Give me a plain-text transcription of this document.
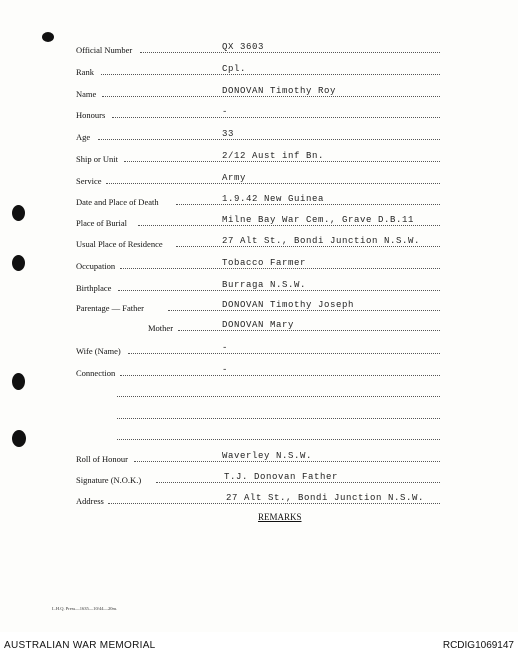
Official Number	QX 3603
Rank	Cpl.
Name	DONOVAN Timothy Roy
Honours	-
Age	33
Ship or Unit	2/12 Aust inf Bn.
Service	Army
Date and Place of Death	1.9.42 New Guinea
Place of Burial	Milne Bay War Cem., Grave D.B.11
Usual Place of Residence	27 Alt St., Bondi Junction N.S.W.
Occupation	Tobacco Farmer
Birthplace	Burraga N.S.W.
Parentage — Father	DONOVAN Timothy Joseph
Mother	DONOVAN Mary
Wife (Name)	-
Connection	-
Roll of Honour	Waverley N.S.W.
Signature (N.O.K.)	T.J. Donovan Father
Address	27 Alt St., Bondi Junction N.S.W.
REMARKS
L.H.Q. Press—1635—10/44—20m.
AUSTRALIAN WAR MEMORIAL	RCDIG1069147
